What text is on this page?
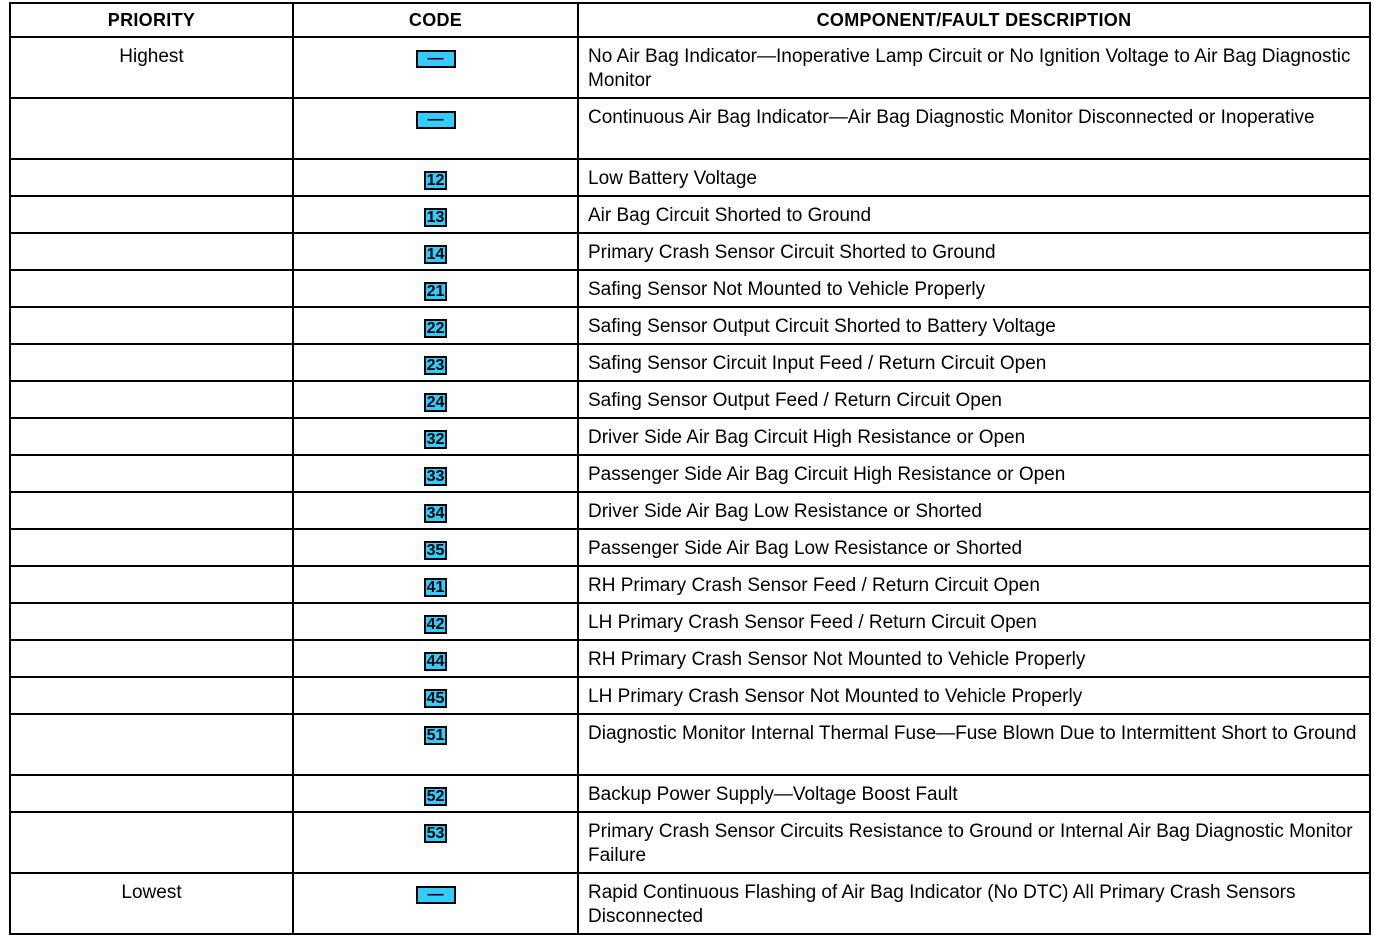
PRIORITY	CODE	COMPONENT/FAULT DESCRIPTION
Highest	—	No Air Bag Indicator—Inoperative Lamp Circuit or No Ignition Voltage to Air Bag Diagnostic Monitor
	—	Continuous Air Bag Indicator—Air Bag Diagnostic Monitor Disconnected or Inoperative
	12	Low Battery Voltage
	13	Air Bag Circuit Shorted to Ground
	14	Primary Crash Sensor Circuit Shorted to Ground
	21	Safing Sensor Not Mounted to Vehicle Properly
	22	Safing Sensor Output Circuit Shorted to Battery Voltage
	23	Safing Sensor Circuit Input Feed / Return Circuit Open
	24	Safing Sensor Output Feed / Return Circuit Open
	32	Driver Side Air Bag Circuit High Resistance or Open
	33	Passenger Side Air Bag Circuit High Resistance or Open
	34	Driver Side Air Bag Low Resistance or Shorted
	35	Passenger Side Air Bag Low Resistance or Shorted
	41	RH Primary Crash Sensor Feed / Return Circuit Open
	42	LH Primary Crash Sensor Feed / Return Circuit Open
	44	RH Primary Crash Sensor Not Mounted to Vehicle Properly
	45	LH Primary Crash Sensor Not Mounted to Vehicle Properly
	51	Diagnostic Monitor Internal Thermal Fuse—Fuse Blown Due to Intermittent Short to Ground
	52	Backup Power Supply—Voltage Boost Fault
	53	Primary Crash Sensor Circuits Resistance to Ground or Internal Air Bag Diagnostic Monitor Failure
Lowest	—	Rapid Continuous Flashing of Air Bag Indicator (No DTC) All Primary Crash Sensors Disconnected
